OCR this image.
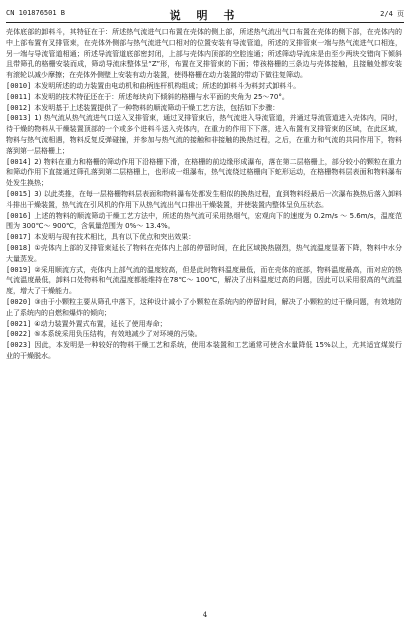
CN 101876501 B	说 明 书	2/4 页

壳体底部的卸料斗，其特征在于：所述热气流进气口布置在壳体的侧上部，所述热气流出气口布置在壳体的侧下部，在壳体内的中上部布置有叉排管束，在壳体外侧部与热气流进气口相对的位置安装有导流管道，所述的叉排管束一端与热气流进气口相连，另一端与导流管道相通；所述导流管道底部密封闭，上部与壳体内顶部的空腔连通；所述筛动导流床是由至少两块交错向下倾斜且带筛孔的格栅安装而成，筛动导流床整体呈“Z”形，布置在叉排管束的下面；带孩格栅的三条边与壳体接触，且接触处都安装有滚轮以减少摩擦；在壳体外侧壁上安装有动力装置，使得格栅在动力装置的带动下做往复筛动。

[0010] 本发明所述的动力装置由电动机和曲柄连杆机构组成；所述的卸料斗为料封式卸料斗。

[0011] 本发明的技术特征还在于：所述每块向下倾斜的格栅与水平面的夹角为 25～70°。

[0012] 本发明基于上述装置提供了一种物料的顺流筛动干燥工艺方法，包括如下步骤：

[0013] 1) 热气流从热气流进气口送入叉排管束，通过叉排管束后，热气流进入导流管道，并通过导流管道进入壳体内，同时，待干燥的物料从干燥装置顶部的一个或多个进料斗送入壳体内，在重力的作用下下落，进入布置有叉排管束的区域，在此区域，物料与热气流相遇，物料反复反弹碰撞，并参加与热气流的接触和非接触的换热过程，之后，在重力和气流的共同作用下，物料落到第一层格栅上；

[0014] 2) 物料在重力和格栅的筛动作用下沿格栅下滑，在格栅的前边缘形成瀑布，落在第二层格栅上，部分较小的颗粒在重力和筛动作用下直接通过筛孔落到第二层格栅上，也形成一组瀑布，热气流绕过格栅向下蛇形运动，在格栅物料层表面和物料瀑布处发生换热；

[0015] 3) 以此类推，在每一层格栅物料层表面和物料瀑布处都发生相似的换热过程，直到物料经最后一次瀑布换热后落入卸料斗排出干燥装置，热气流在引风机的作用下从热气流出气口排出干燥装置，并使装置内整体呈负压状态。

[0016] 上述的物料的顺流筛动干燥工艺方法中，所述的热气流可采用热烟气，宏观向下的速度为 0.2m/s ～ 5.6m/s，温度范围为 300℃～ 900℃，含氧量范围为 0%～ 13.4%。

[0017] 本发明与现有技术相比，具有以下优点和突出效果：

[0018] ①壳体内上部的叉排管束延长了物料在壳体内上部的停留时间，在此区域换热剧烈，热气流温度显著下降，物料中水分大量蒸发。

[0019] ②采用顺流方式，壳体内上部气流的温度较高，但是此时物料温度最低，而在壳体的底部，物料温度最高，而对应的热气流温度最低，卸料口处物料和气流温度都能维持在78℃～ 100℃，解决了出料温度过高的问题，因此可以采用很高的气流温度，增大了干燥能力。

[0020] ③由于小颗粒主要从筛孔中落下，这种设计减小了小颗粒在系统内的停留时间，解决了小颗粒的过干燥问题，有效地防止了系统内的自燃和爆炸的倾向；

[0021] ④动力装置外置式布置，延长了使用寿命；

[0022] ⑤本系统采用负压结构，有效地减少了对环境的污染。

[0023] 因此，本发明是一种较好的物料干燥工艺和系统，使用本装置和工艺通常可使含水量降低 15%以上，尤其适宜煤炭行业的干燥脱水。

4
